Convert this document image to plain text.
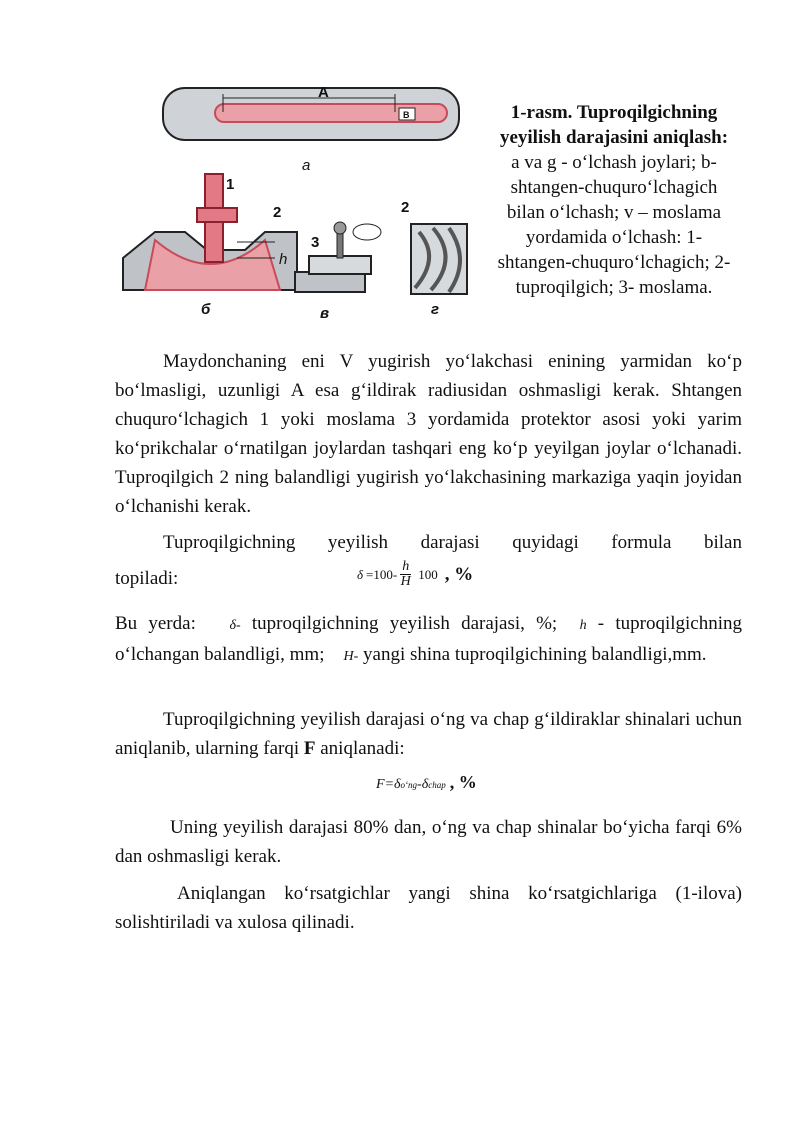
A
B
a
1
2
h
б
3
в
2
г
1-rasm. Tuproqilgichning yeyilish darajasini aniqlash: a va g - o‘lchash joylari; b-shtangen-chuquro‘lchagich bilan o‘lchash; v – moslama yordamida o‘lchash: 1-shtangen-chuquro‘lchagich; 2-tuproqilgich; 3- moslama.
Maydonchaning eni V yugirish yo‘lakchasi enining yarmidan ko‘p bo‘lmasligi, uzunligi A esa g‘ildirak radiusidan oshmasligi kerak. Shtangen chuquro‘lchagich 1 yoki moslama 3 yordamida protektor asosi yoki yarim ko‘prikchalar o‘rnatilgan joylardan tashqari eng ko‘p yeyilgan joylar o‘lchanadi. Tuproqilgich 2 ning balandligi yugirish yo‘lakchasining markaziga yaqin joyidan o‘lchanishi kerak.
Tuproqilgichning yeyilish darajasi quyidagi formula bilan
topiladi:	$\delta =100- \frac{h}{H} 100$ , %
Bu yerda: δ- tuproqilgichning yeyilish darajasi, %; h - tuproqilgichning o‘lchangan balandligi, mm; H- yangi shina tuproqilgichining balandligi,mm.
Tuproqilgichning yeyilish darajasi o‘ng va chap g‘ildiraklar shinalari uchun aniqlanib, ularning farqi F aniqlanadi:
F =δ o‘ng -δ chap , %
Uning yeyilish darajasi 80% dan, o‘ng va chap shinalar bo‘yicha farqi 6% dan oshmasligi kerak.
Aniqlangan ko‘rsatgichlar yangi shina ko‘rsatgichlariga (1-ilova) solishtiriladi va xulosa qilinadi.
